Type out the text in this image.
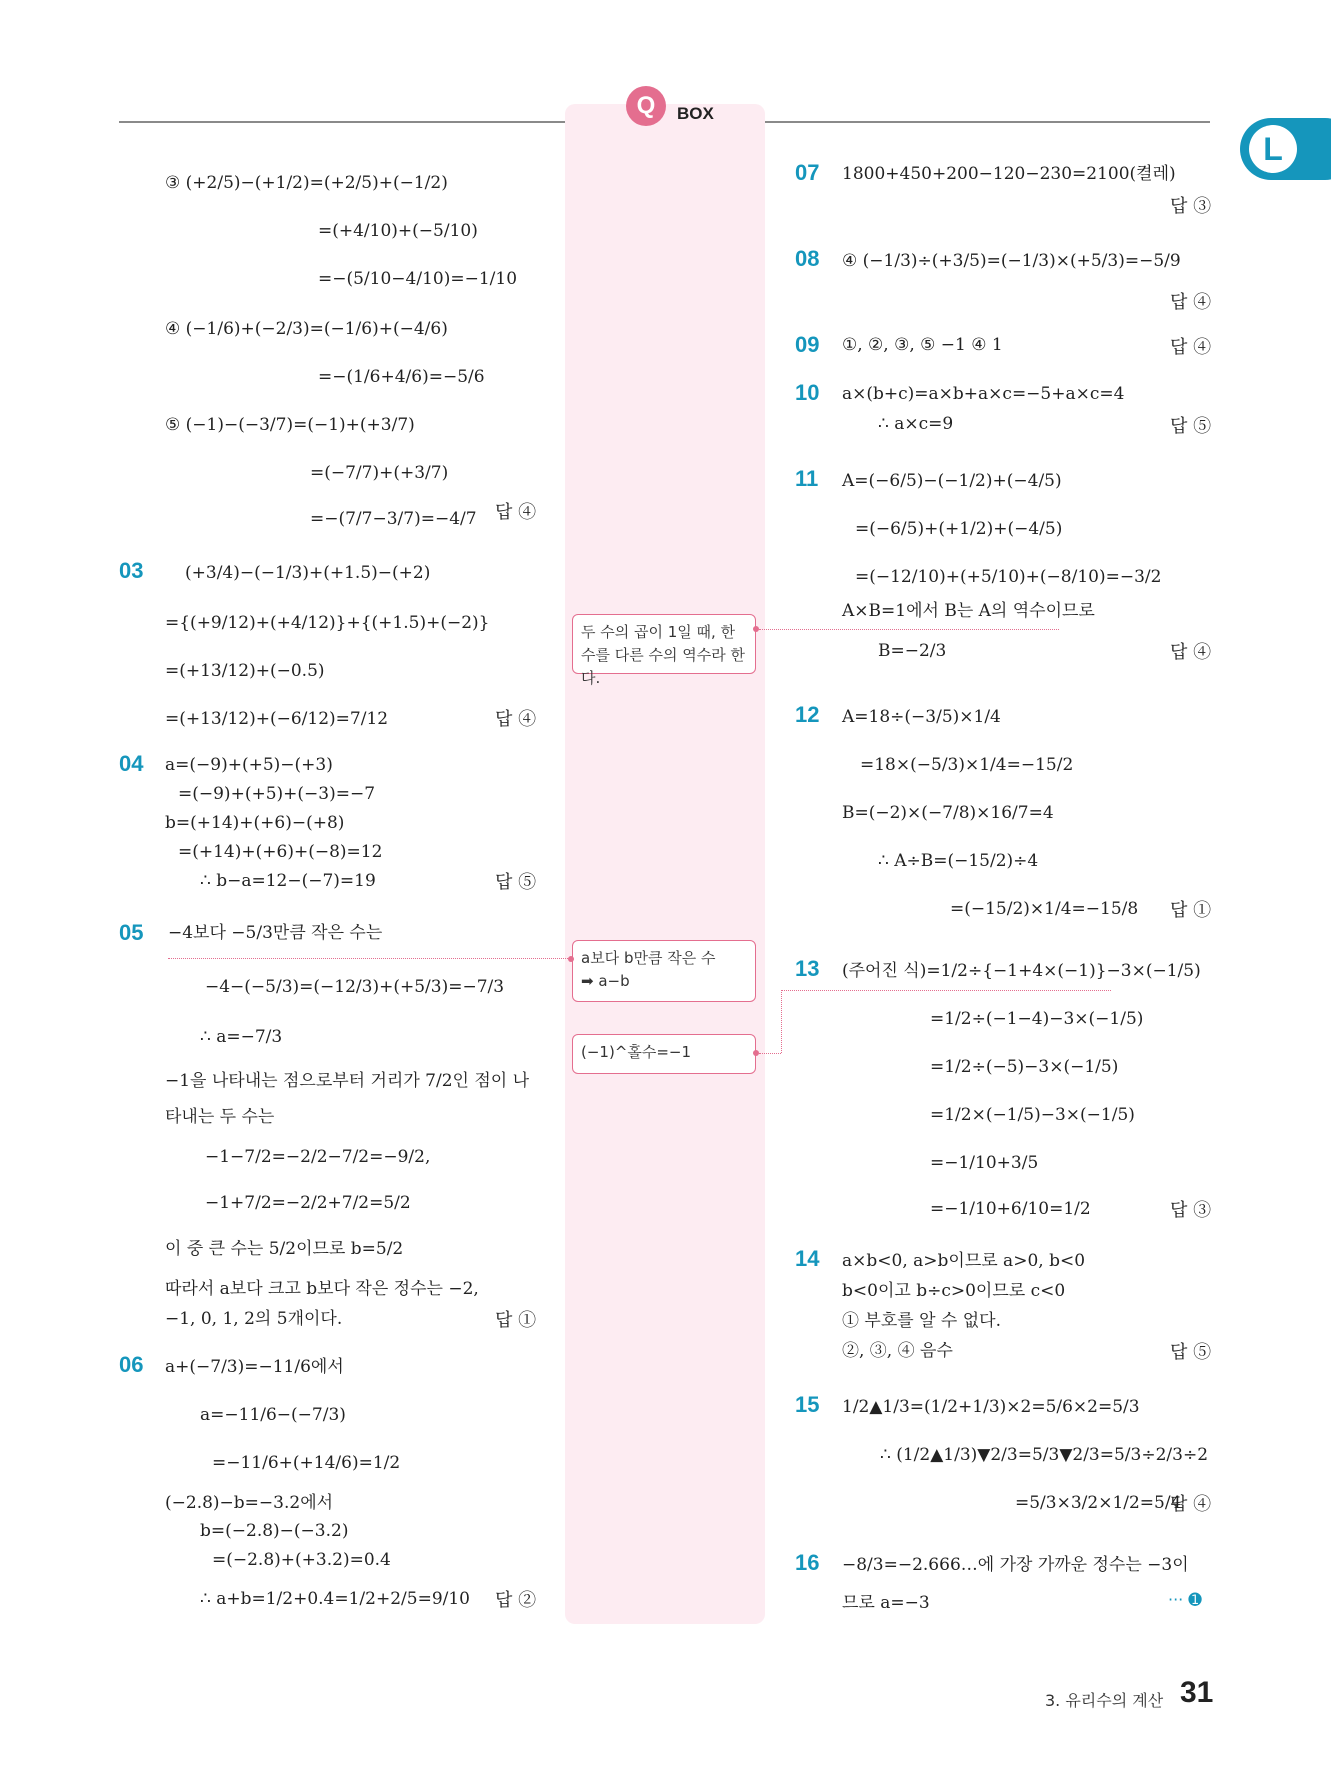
Q	BOX
L
③ (+2/5)−(+1/2)=(+2/5)+(−1/2)
=(+4/10)+(−5/10)
=−(5/10−4/10)=−1/10
④ (−1/6)+(−2/3)=(−1/6)+(−4/6)
=−(1/6+4/6)=−5/6
⑤ (−1)−(−3/7)=(−1)+(+3/7)
=(−7/7)+(+3/7)
=−(7/7−3/7)=−4/7 답 ④
03 (+3/4)−(−1/3)+(+1.5)−(+2)
={(+9/12)+(+4/12)}+{(+1.5)+(−2)}
=(+13/12)+(−0.5)
=(+13/12)+(−6/12)=7/12	답 ④
04 a=(−9)+(+5)−(+3)
=(−9)+(+5)+(−3)=−7
b=(+14)+(+6)−(+8)
=(+14)+(+6)+(−8)=12
∴ b−a=12−(−7)=19	답 ⑤
05 −4보다 −5/3만큼 작은 수는
−4−(−5/3)=(−12/3)+(+5/3)=−7/3
∴ a=−7/3
−1을 나타내는 점으로부터 거리가 7/2인 점이 나
타내는 두 수는
−1−7/2=−2/2−7/2=−9/2,
−1+7/2=−2/2+7/2=5/2
이 중 큰 수는 5/2이므로 b=5/2
따라서 a보다 크고 b보다 작은 정수는 −2,
−1, 0, 1, 2의 5개이다.	답 ①
06 a+(−7/3)=−11/6에서
a=−11/6−(−7/3)
=−11/6+(+14/6)=1/2
(−2.8)−b=−3.2에서
b=(−2.8)−(−3.2)
=(−2.8)+(+3.2)=0.4
∴ a+b=1/2+0.4=1/2+2/5=9/10 답 ②
두 수의 곱이 1일 때, 한 수를 다른 수의 역수라 한다.
a보다 b만큼 작은 수
➡ a−b
(−1)^홀수=−1
07 1800+450+200−120−230=2100(켤레)
답 ③
08 ④ (−1/3)÷(+3/5)=(−1/3)×(+5/3)=−5/9
답 ④
09 ①, ②, ③, ⑤ −1 ④ 1	답 ④
10 a×(b+c)=a×b+a×c=−5+a×c=4
∴ a×c=9	답 ⑤
11 A=(−6/5)−(−1/2)+(−4/5)
=(−6/5)+(+1/2)+(−4/5)
=(−12/10)+(+5/10)+(−8/10)=−3/2
A×B=1에서 B는 A의 역수이므로
B=−2/3	답 ④
12 A=18÷(−3/5)×1/4
=18×(−5/3)×1/4=−15/2
B=(−2)×(−7/8)×16/7=4
∴ A÷B=(−15/2)÷4
=(−15/2)×1/4=−15/8 답 ①
13 (주어진 식)=1/2÷{−1+4×(−1)}−3×(−1/5)
=1/2÷(−1−4)−3×(−1/5)
=1/2÷(−5)−3×(−1/5)
=1/2×(−1/5)−3×(−1/5)
=−1/10+3/5
=−1/10+6/10=1/2	답 ③
14 a×b<0, a>b이므로 a>0, b<0
b<0이고 b÷c>0이므로 c<0
① 부호를 알 수 없다.
②, ③, ④ 음수	답 ⑤
15 1/2▲1/3=(1/2+1/3)×2=5/6×2=5/3
∴ (1/2▲1/3)▼2/3=5/3▼2/3=5/3÷2/3÷2
=5/3×3/2×1/2=5/4
답 ④
16 −8/3=−2.666…에 가장 가까운 정수는 −3이
므로 a=−3	··· ➊
3. 유리수의 계산 31
